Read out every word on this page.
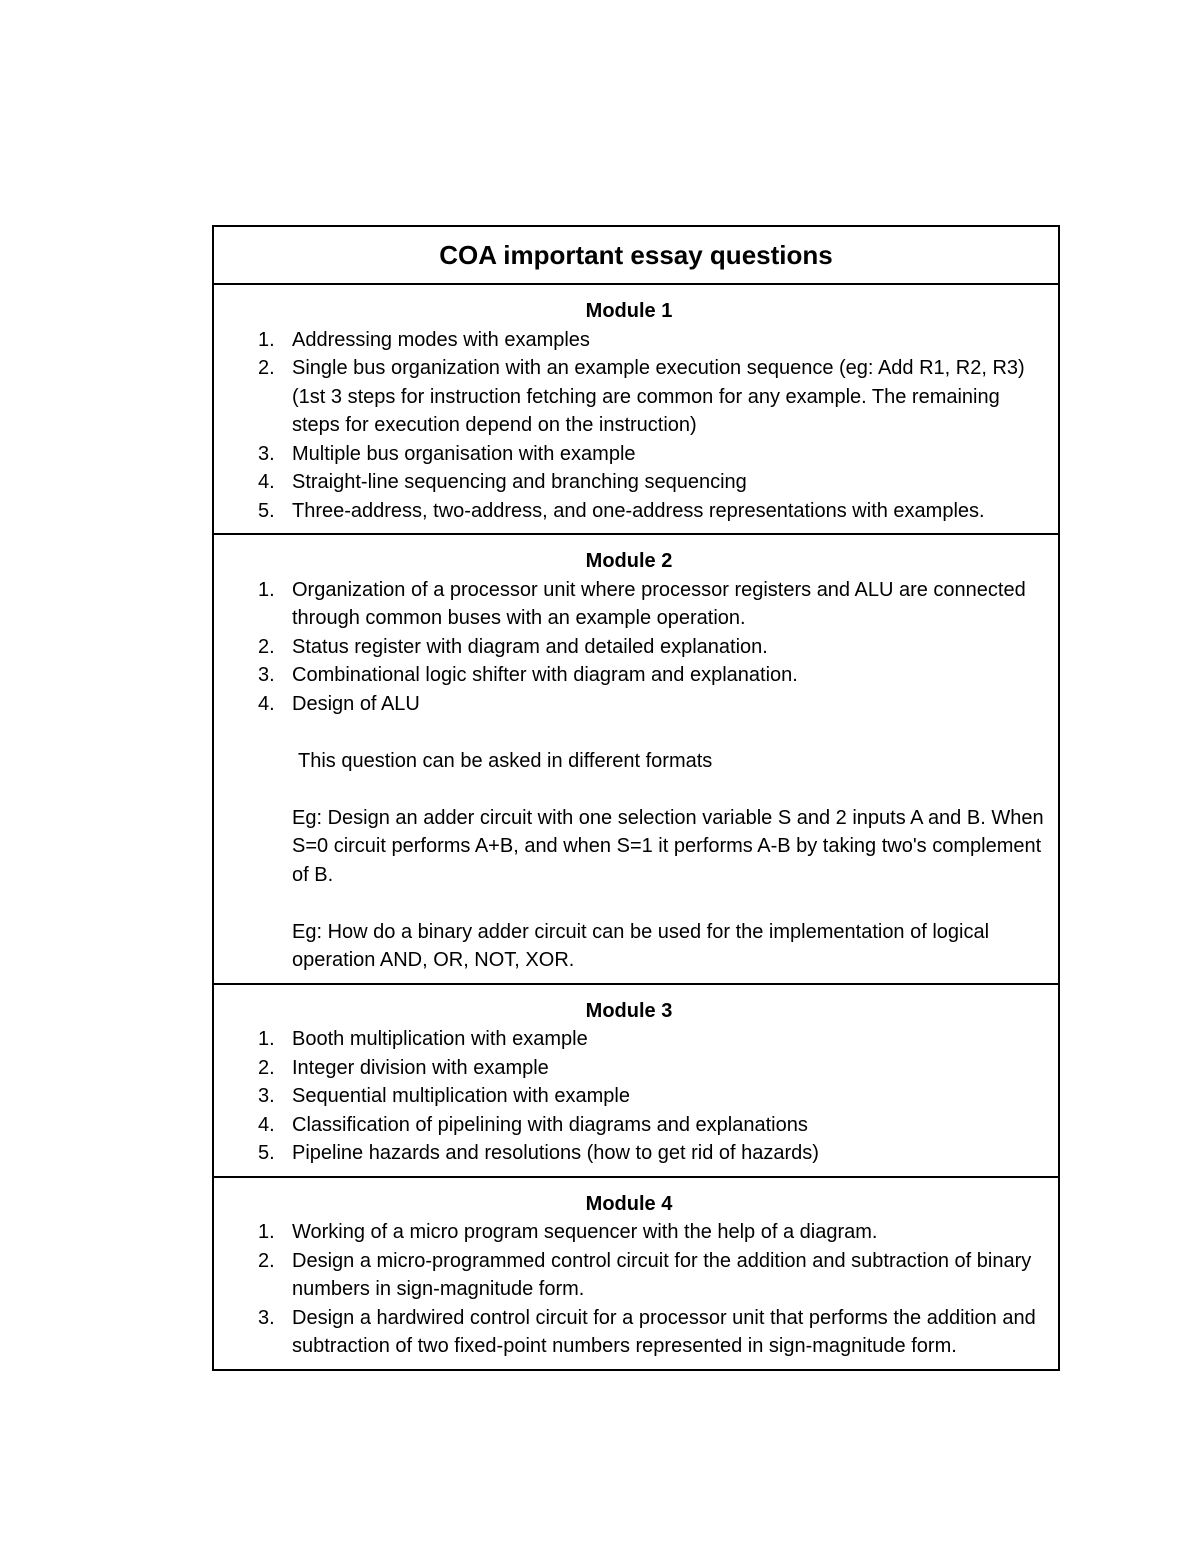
COA important essay questions
Module 1
1. Addressing modes with examples
2. Single bus organization with an example execution sequence (eg: Add R1, R2, R3) (1st 3 steps for instruction fetching are common for any example. The remaining steps for execution depend on the instruction)
3. Multiple bus organisation with example
4. Straight-line sequencing and branching sequencing
5. Three-address, two-address, and one-address representations with examples.
Module 2
1. Organization of a processor unit where processor registers and ALU are connected through common buses with an example operation.
2. Status register with diagram and detailed explanation.
3. Combinational logic shifter with diagram and explanation.
4. Design of ALU

This question can be asked in different formats

Eg: Design an adder circuit with one selection variable S and 2 inputs A and B. When S=0 circuit performs A+B, and when S=1 it performs A-B by taking two's complement of B.

Eg: How do a binary adder circuit can be used for the implementation of logical operation AND, OR, NOT, XOR.

Module 3
1. Booth multiplication with example
2. Integer division with example
3. Sequential multiplication with example
4. Classification of pipelining with diagrams and explanations
5. Pipeline hazards and resolutions (how to get rid of hazards)
Module 4
1. Working of a micro program sequencer with the help of a diagram.
2. Design a micro-programmed control circuit for the addition and subtraction of binary numbers in sign-magnitude form.
3. Design a hardwired control circuit for a processor unit that performs the addition and subtraction of two fixed-point numbers represented in sign-magnitude form.
